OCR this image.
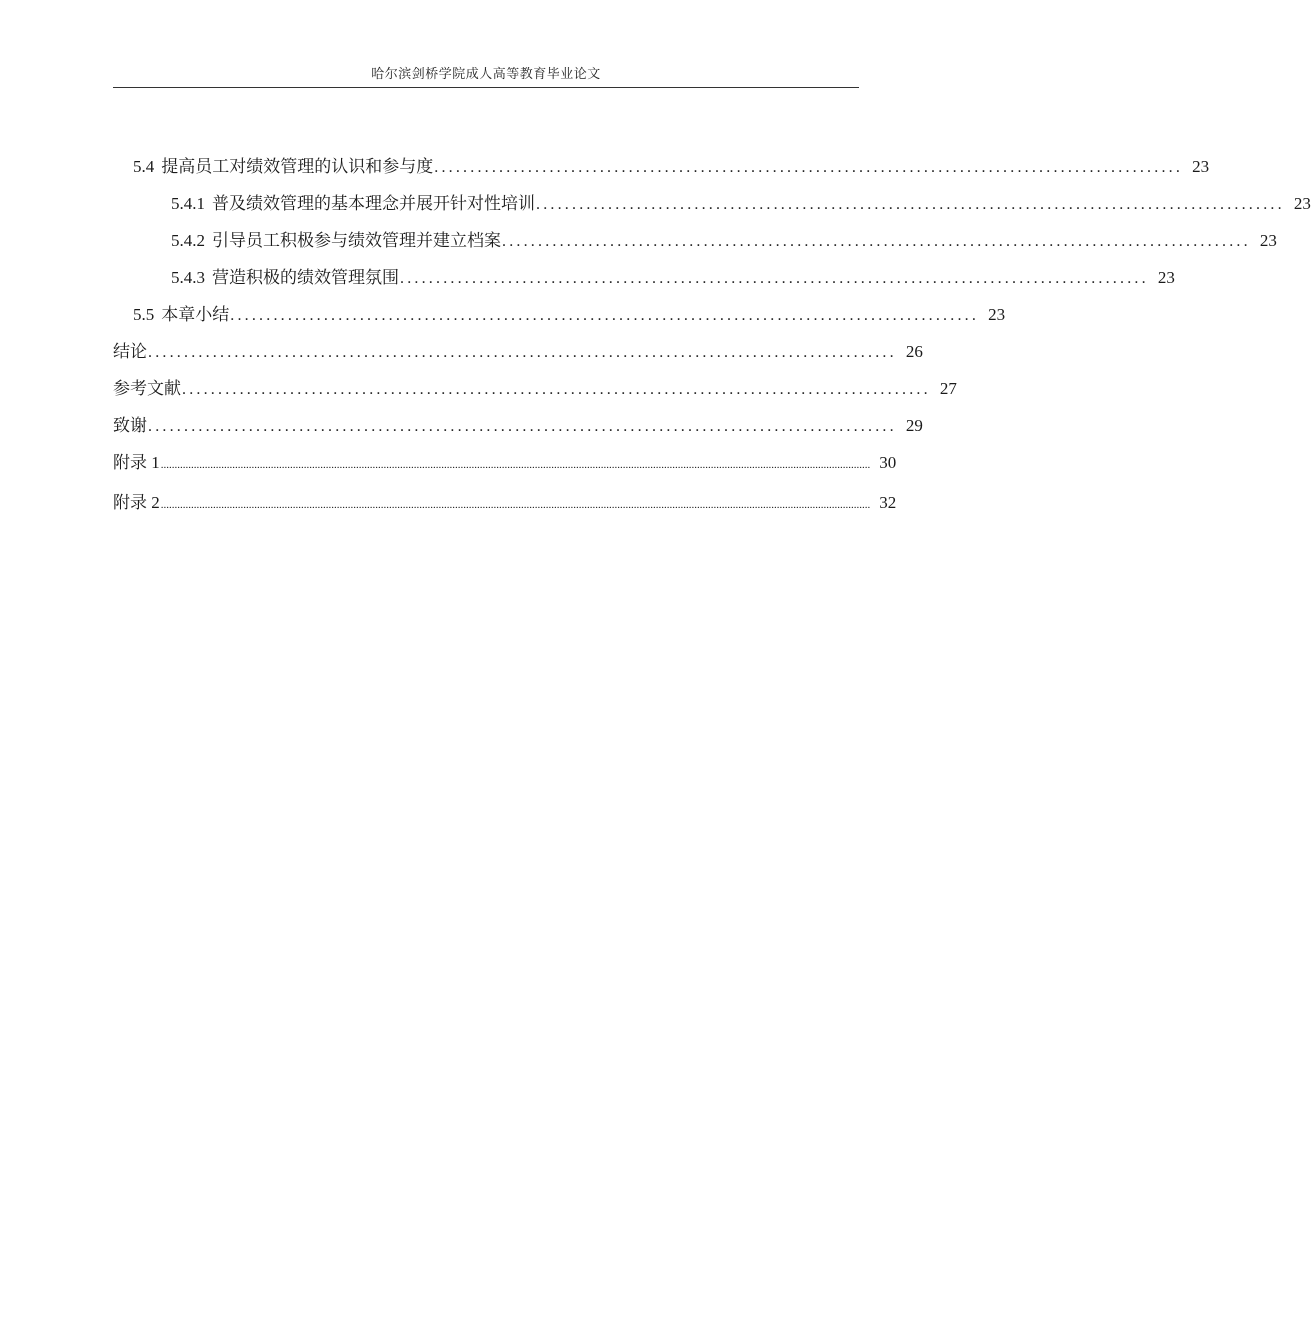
哈尔滨剑桥学院成人高等教育毕业论文
5.4 提高员工对绩效管理的认识和参与度 ........................................................................................................ 23
5.4.1 普及绩效管理的基本理念并展开针对性培训 ........................................................................................................ 23
5.4.2 引导员工积极参与绩效管理并建立档案 ........................................................................................................ 23
5.4.3 营造积极的绩效管理氛围 ........................................................................................................ 23
5.5 本章小结 ........................................................................................................ 23
结论 ........................................................................................................ 26
参考文献 ........................................................................................................ 27
致谢 ........................................................................................................ 29
附录 1 .................................................................................................................................................................................................................................................................. 30
附录 2 .................................................................................................................................................................................................................................................................. 32
